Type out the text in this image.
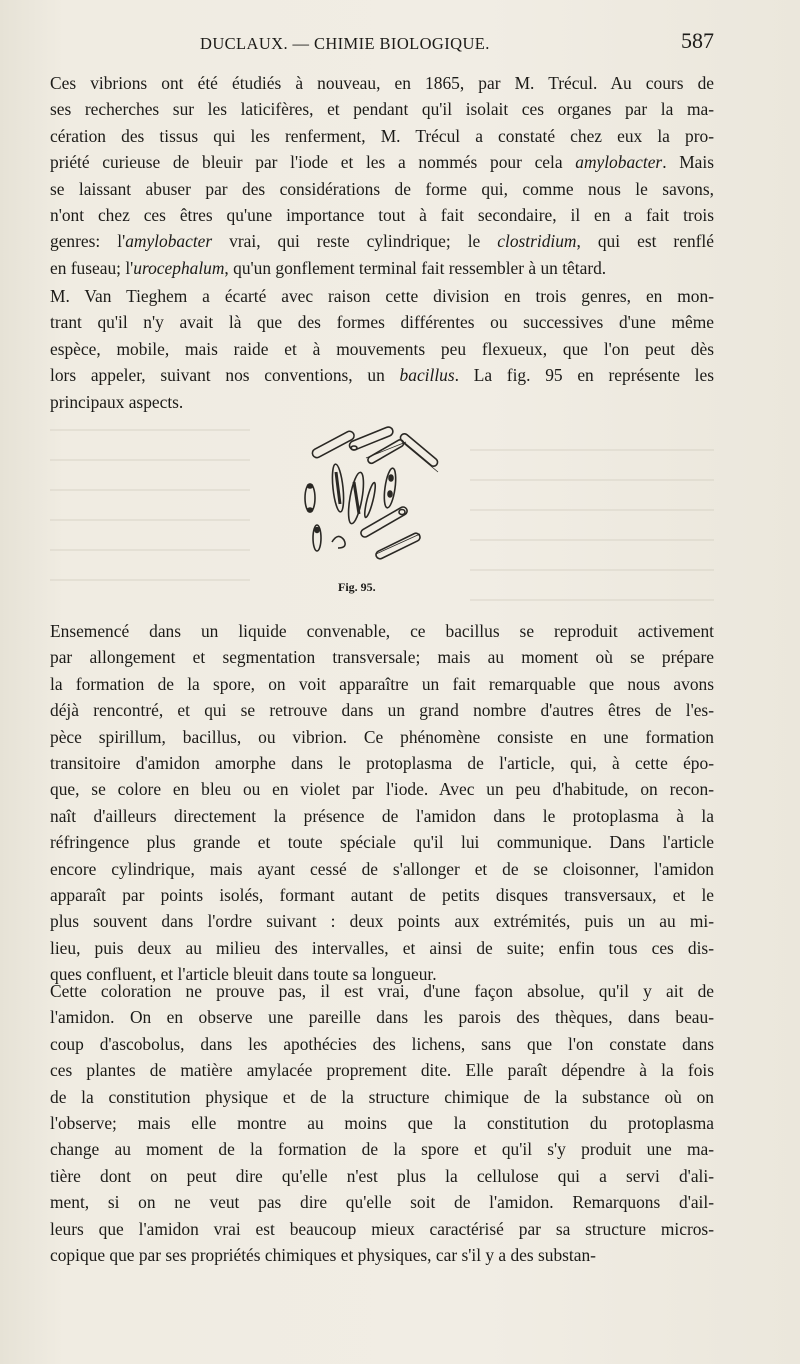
DUCLAUX. — CHIMIE BIOLOGIQUE.	587
Ces vibrions ont été étudiés à nouveau, en 1865, par M. Trécul. Au cours de
ses recherches sur les laticifères, et pendant qu'il isolait ces organes par la ma-
cération des tissus qui les renferment, M. Trécul a constaté chez eux la pro-
priété curieuse de bleuir par l'iode et les a nommés pour cela amylobacter. Mais
se laissant abuser par des considérations de forme qui, comme nous le savons,
n'ont chez ces êtres qu'une importance tout à fait secondaire, il en a fait trois
genres: l'amylobacter vrai, qui reste cylindrique; le clostridium, qui est renflé
en fuseau; l'urocephalum, qu'un gonflement terminal fait ressembler à un têtard.
M. Van Tieghem a écarté avec raison cette division en trois genres, en mon-
trant qu'il n'y avait là que des formes différentes ou successives d'une même
espèce, mobile, mais raide et à mouvements peu flexueux, que l'on peut dès
lors appeler, suivant nos conventions, un bacillus. La fig. 95 en représente les
principaux aspects.
Fig. 95.
Ensemencé dans un liquide convenable, ce bacillus se reproduit activement
par allongement et segmentation transversale; mais au moment où se prépare
la formation de la spore, on voit apparaître un fait remarquable que nous avons
déjà rencontré, et qui se retrouve dans un grand nombre d'autres êtres de l'es-
pèce spirillum, bacillus, ou vibrion. Ce phénomène consiste en une formation
transitoire d'amidon amorphe dans le protoplasma de l'article, qui, à cette épo-
que, se colore en bleu ou en violet par l'iode. Avec un peu d'habitude, on recon-
naît d'ailleurs directement la présence de l'amidon dans le protoplasma à la
réfringence plus grande et toute spéciale qu'il lui communique. Dans l'article
encore cylindrique, mais ayant cessé de s'allonger et de se cloisonner, l'amidon
apparaît par points isolés, formant autant de petits disques transversaux, et le
plus souvent dans l'ordre suivant : deux points aux extrémités, puis un au mi-
lieu, puis deux au milieu des intervalles, et ainsi de suite; enfin tous ces dis-
ques confluent, et l'article bleuit dans toute sa longueur.
Cette coloration ne prouve pas, il est vrai, d'une façon absolue, qu'il y ait de
l'amidon. On en observe une pareille dans les parois des thèques, dans beau-
coup d'ascobolus, dans les apothécies des lichens, sans que l'on constate dans
ces plantes de matière amylacée proprement dite. Elle paraît dépendre à la fois
de la constitution physique et de la structure chimique de la substance où on
l'observe; mais elle montre au moins que la constitution du protoplasma
change au moment de la formation de la spore et qu'il s'y produit une ma-
tière dont on peut dire qu'elle n'est plus la cellulose qui a servi d'ali-
ment, si on ne veut pas dire qu'elle soit de l'amidon. Remarquons d'ail-
leurs que l'amidon vrai est beaucoup mieux caractérisé par sa structure micros-
copique que par ses propriétés chimiques et physiques, car s'il y a des substan-
